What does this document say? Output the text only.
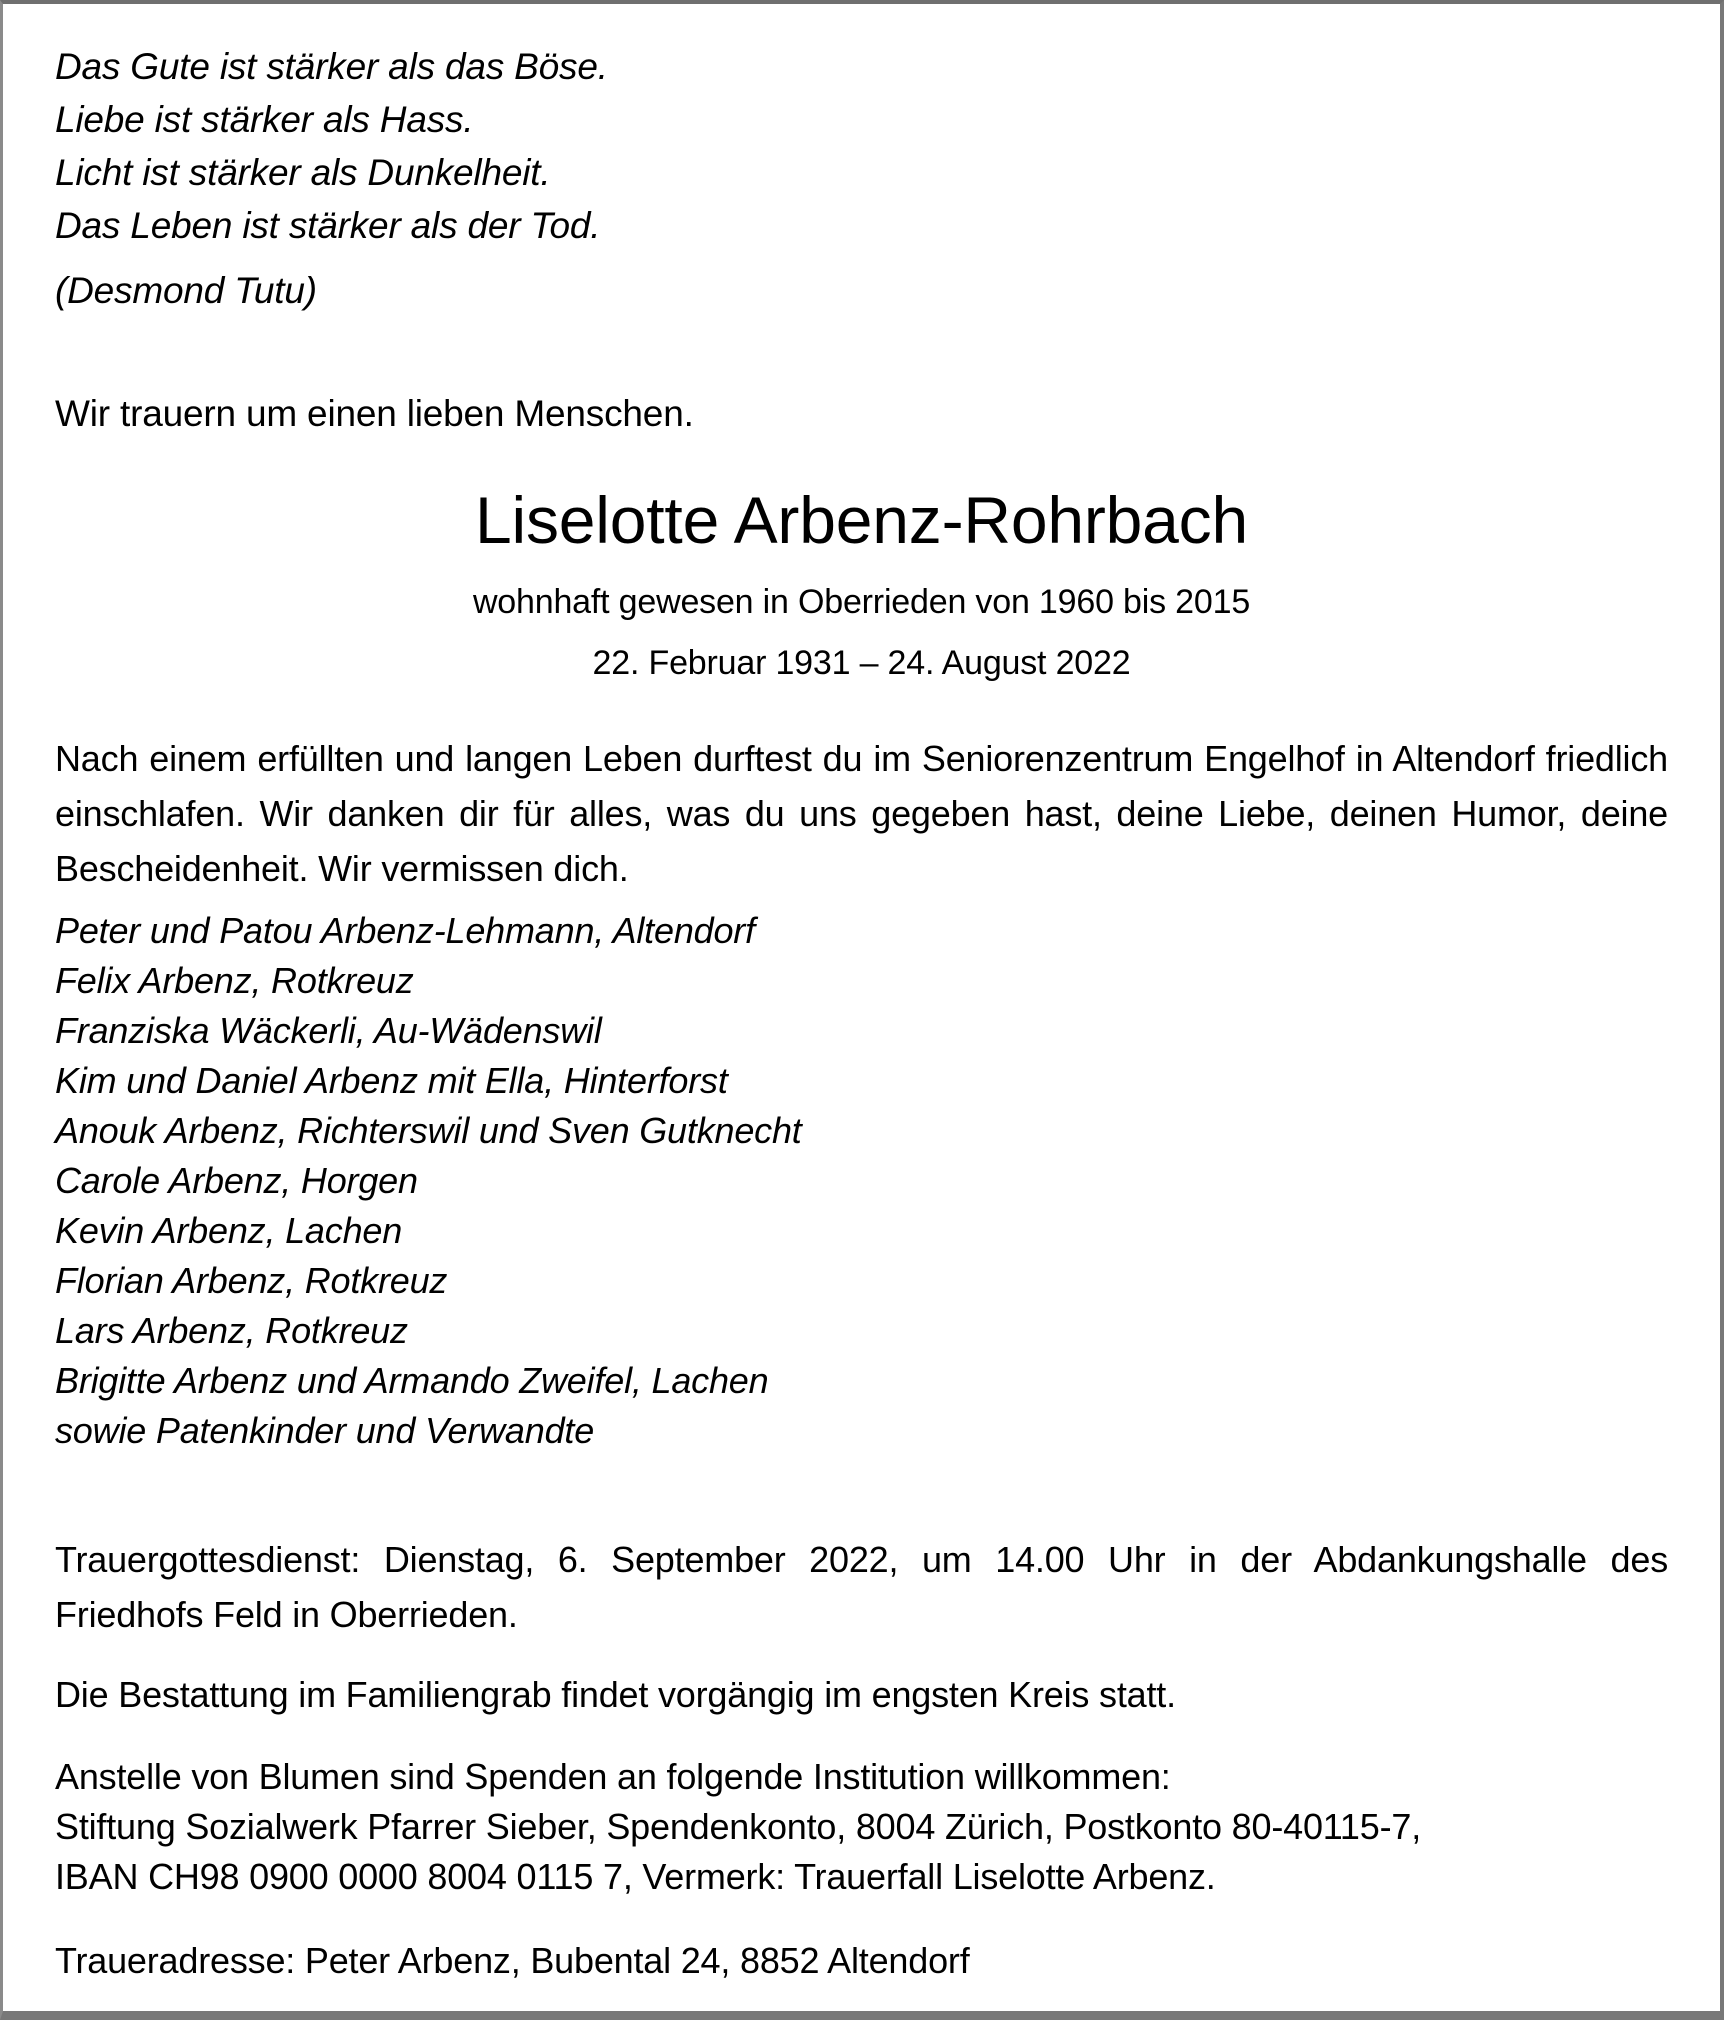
Das Gute ist stärker als das Böse.
Liebe ist stärker als Hass.
Licht ist stärker als Dunkelheit.
Das Leben ist stärker als der Tod.
(Desmond Tutu)
Wir trauern um einen lieben Menschen.
Liselotte Arbenz-Rohrbach
wohnhaft gewesen in Oberrieden von 1960 bis 2015
22. Februar 1931 – 24. August 2022
Nach einem erfüllten und langen Leben durftest du im Seniorenzentrum Engelhof in Altendorf friedlich einschlafen. Wir danken dir für alles, was du uns gegeben hast, deine Liebe, deinen Humor, deine Bescheidenheit. Wir vermissen dich.
Peter und Patou Arbenz-Lehmann, Altendorf
Felix Arbenz, Rotkreuz
Franziska Wäckerli, Au-Wädenswil
Kim und Daniel Arbenz mit Ella, Hinterforst
Anouk Arbenz, Richterswil und Sven Gutknecht
Carole Arbenz, Horgen
Kevin Arbenz, Lachen
Florian Arbenz, Rotkreuz
Lars Arbenz, Rotkreuz
Brigitte Arbenz und Armando Zweifel, Lachen
sowie Patenkinder und Verwandte
Trauergottesdienst: Dienstag, 6. September 2022, um 14.00 Uhr in der Abdankungshalle des Friedhofs Feld in Oberrieden.
Die Bestattung im Familiengrab findet vorgängig im engsten Kreis statt.
Anstelle von Blumen sind Spenden an folgende Institution willkommen:
Stiftung Sozialwerk Pfarrer Sieber, Spendenkonto, 8004 Zürich, Postkonto 80-40115-7,
IBAN CH98 0900 0000 8004 0115 7, Vermerk: Trauerfall Liselotte Arbenz.
Traueradresse: Peter Arbenz, Bubental 24, 8852 Altendorf
